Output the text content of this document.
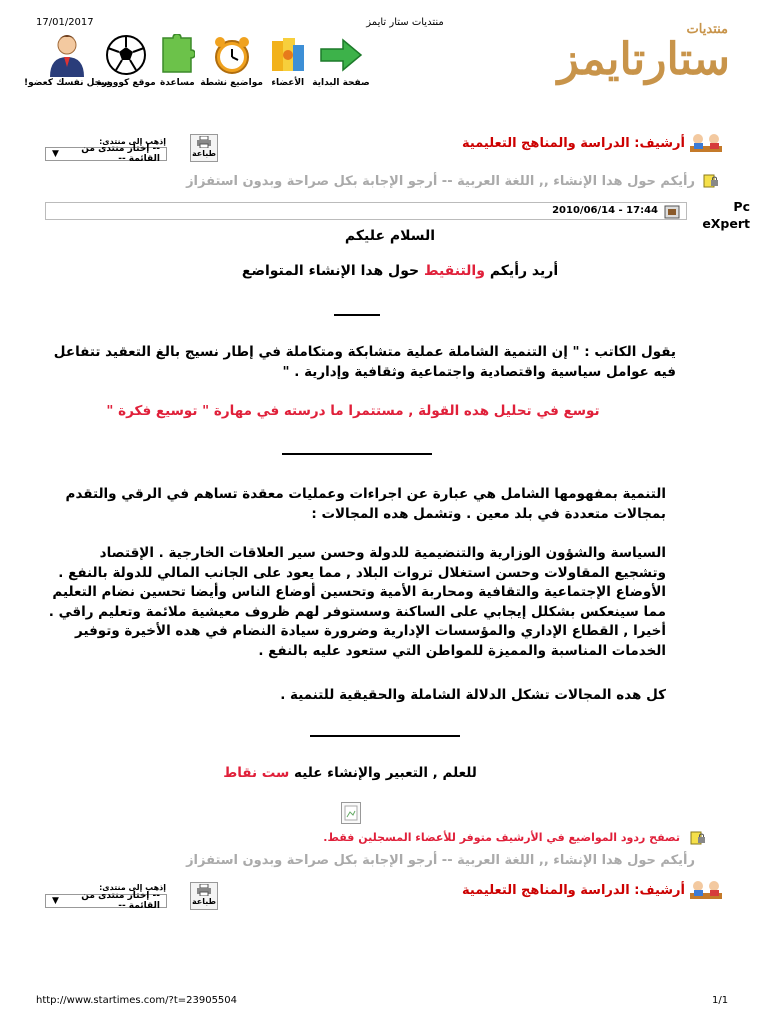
17/01/2017	منتديات ستار تايمز
صفحة البداية
الأعضاء
مواضيع نشطة
مساعدة
موقع كووورة
سجل نفسك كعضو!
منتديات
ستارتايمز
أرشيف: الدراسة والمناهج التعليمية
إذهب إلى منتدى:
-- إختار منتدى من القائمة --
▼	طباعة
رأيكم حول هدا الإنشاء ,, اللغة العربية -- أرجو الإجابة بكل صراحة وبدون استفزاز
2010/06/14 - 17:44	Pc eXpert
السلام عليكم
أريد رأيكم والتنقيط حول هدا الإنشاء المتواضع
يقول الكاتب : " إن التنمية الشاملة عملية متشابكة ومتكاملة في إطار نسيج بالغ التعقيد تتفاعل فيه عوامل سياسية واقتصادية واجتماعية وثقافية وإدارية . "
توسع في تحليل هده القولة , مستتمرا ما درسته في مهارة " توسيع فكرة "
التنمية بمفهومها الشامل هي عبارة عن اجراءات وعمليات معقدة تساهم في الرقي والتقدم بمجالات متعددة في بلد معين . وتشمل هده المجالات :
السياسة والشؤون الوزارية والتنضيمية للدولة وحسن سير العلاقات الخارجية . الإقتصاد وتشجيع المقاولات وحسن استغلال تروات البلاد , مما يعود على الجانب المالي للدولة بالنفع . الأوضاع الإجتماعية والتقافية ومحاربة الأمية وتحسين أوضاع الناس وأيضا تحسين نضام التعليم مما سينعكس بشكلل إيجابي على الساكنة وسستوفر لهم ظروف معيشية ملائمة وتعليم راقي . أخيرا , القطاع الإداري والمؤسسات الإدارية وضرورة سيادة النضام في هده الأخيرة وتوفير الخدمات المناسبة والمميزة للمواطن التي ستعود عليه بالنفع .
كل هده المجالات تشكل الدلالة الشاملة والحقيقية للتنمية .
للعلم , التعبير والإنشاء عليه ست نقاط
تصفح ردود المواضيع في الأرشيف متوفر للأعضاء المسجلين فقط.
رأيكم حول هدا الإنشاء ,, اللغة العربية -- أرجو الإجابة بكل صراحة وبدون استفزاز
أرشيف: الدراسة والمناهج التعليمية
إذهب إلى منتدى:
-- إختار منتدى من القائمة --
▼	طباعة
http://www.startimes.com/?t=23905504	1/1
